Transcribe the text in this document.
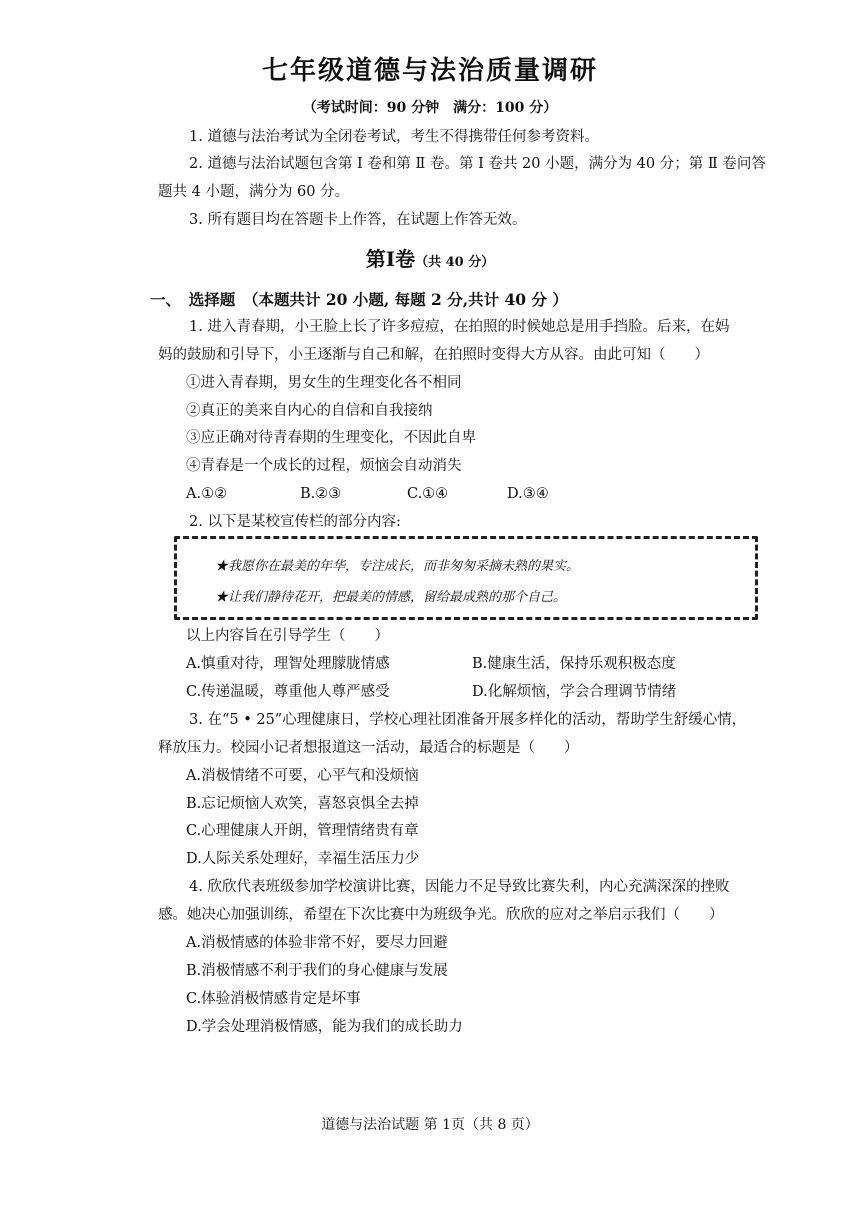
七年级道德与法治质量调研
（考试时间：90 分钟　满分：100 分）
1. 道德与法治考试为全闭卷考试，考生不得携带任何参考资料。
2. 道德与法治试题包含第 Ⅰ 卷和第 Ⅱ 卷。第 Ⅰ 卷共 20 小题，满分为 40 分；第 Ⅱ 卷问答
题共 4 小题，满分为 60 分。
3. 所有题目均在答题卡上作答，在试题上作答无效。
第Ⅰ卷（共 40 分）
一、　选择题　（本题共计 20 小题, 每题 2 分,共计 40 分 ）
1. 进入青春期，小王脸上长了许多痘痘，在拍照的时候她总是用手挡脸。后来，在妈
妈的鼓励和引导下，小王逐渐与自己和解，在拍照时变得大方从容。由此可知（　　）
①进入青春期，男女生的生理变化各不相同
②真正的美来自内心的自信和自我接纳
③应正确对待青春期的生理变化，不因此自卑
④青春是一个成长的过程，烦恼会自动消失
A.①②	B.②③	C.①④	D.③④
2. 以下是某校宣传栏的部分内容:
★我愿你在最美的年华，专注成长，而非匆匆采摘未熟的果实。
★让我们静待花开，把最美的情感，留给最成熟的那个自己。
以上内容旨在引导学生（　　）
A.慎重对待，理智处理朦胧情感	B.健康生活，保持乐观积极态度
C.传递温暖，尊重他人尊严感受	D.化解烦恼，学会合理调节情绪
3. 在“5 • 25”心理健康日，学校心理社团准备开展多样化的活动，帮助学生舒缓心情，
释放压力。校园小记者想报道这一活动，最适合的标题是（　　）
A.消极情绪不可要，心平气和没烦恼
B.忘记烦恼人欢笑，喜怒哀惧全去掉
C.心理健康人开朗，管理情绪贵有章
D.人际关系处理好，幸福生活压力少
4. 欣欣代表班级参加学校演讲比赛，因能力不足导致比赛失利，内心充满深深的挫败
感。她决心加强训练，希望在下次比赛中为班级争光。欣欣的应对之举启示我们（　　）
A.消极情感的体验非常不好，要尽力回避
B.消极情感不利于我们的身心健康与发展
C.体验消极情感肯定是坏事
D.学会处理消极情感，能为我们的成长助力
道德与法治试题 第 1页（共 8 页）
